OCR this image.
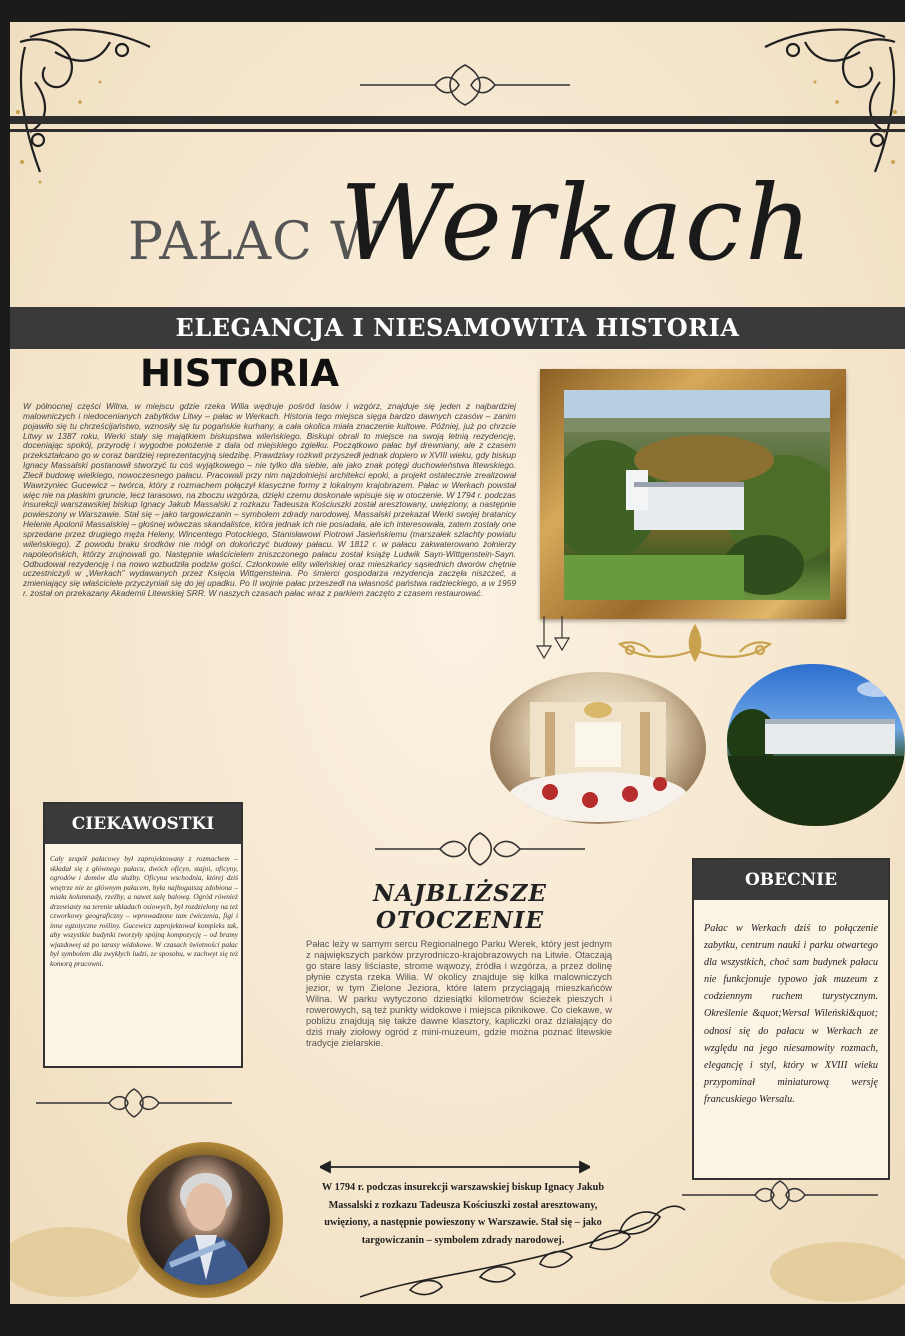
PAŁAC W
Werkach
ELEGANCJA I NIESAMOWITA HISTORIA
HISTORIA
W północnej części Wilna, w miejscu gdzie rzeka Wilia wędruje pośród lasów i wzgórz, znajduje się jeden z najbardziej malowniczych i niedocenianych zabytków Litwy – pałac w Werkach. Historia tego miejsca sięga bardzo dawnych czasów – zanim pojawiło się tu chrześcijaństwo, wznosiły się tu pogańskie kurhany, a cała okolica miała znaczenie kultowe. Później, już po chrzcie Litwy w 1387 roku, Werki stały się majątkiem biskupstwa wileńskiego. Biskupi obrali to miejsce na swoją letnią rezydencję, doceniając spokój, przyrodę i wygodne położenie z dala od miejskiego zgiełku. Początkowo pałac był drewniany, ale z czasem przekształcano go w coraz bardziej reprezentacyjną siedzibę. Prawdziwy rozkwit przyszedł jednak dopiero w XVIII wieku, gdy biskup Ignacy Massalski postanowił stworzyć tu coś wyjątkowego – nie tylko dla siebie, ale jako znak potęgi duchowieństwa litewskiego. Zlecił budowę wielkiego, nowoczesnego pałacu. Pracowali przy nim najzdolniejsi architekci epoki, a projekt ostatecznie zrealizował Wawrzyniec Gucewicz – twórca, który z rozmachem połączył klasyczne formy z lokalnym krajobrazem. Pałac w Werkach powstał więc nie na płaskim gruncie, lecz tarasowo, na zboczu wzgórza, dzięki czemu doskonale wpisuje się w otoczenie. W 1794 r. podczas insurekcji warszawskiej biskup Ignacy Jakub Massalski z rozkazu Tadeusza Kościuszki został aresztowany, uwięziony, a następnie powieszony w Warszawie. Stał się – jako targowiczanin – symbolem zdrady narodowej. Massalski przekazał Werki swojej bratanicy Helenie Apolonii Massalskiej – głośnej wówczas skandalistce, która jednak ich nie posiadała, ale ich interesowała, zatem zostały one sprzedane przez drugiego męża Heleny, Wincentego Potockiego, Stanisławowi Piotrowi Jasieńskiemu (marszałek szlachty powiatu wileńskiego). Z powodu braku środków nie mógł on dokończyć budowy pałacu. W 1812 r. w pałacu zakwaterowano żołnierzy napoleońskich, którzy zrujnowali go. Następnie właścicielem zniszczonego pałacu został książę Ludwik Sayn-Wittgenstein-Sayn. Odbudował rezydencję i na nowo wzbudziła podziw gości. Członkowie elity wileńskiej oraz mieszkańcy sąsiednich dworów chętnie uczestniczyli w „Werkach” wydawanych przez Księcia Wittgensteina. Po śmierci gospodarza rezydencja zaczęła niszczeć, a zmieniający się właściciele przyczyniali się do jej upadku. Po II wojnie pałac przeszedł na własność państwa radzieckiego, a w 1959 r. został on przekazany Akademii Litewskiej SRR. W naszych czasach pałac wraz z parkiem zaczęto z czasem restaurować.
CIEKAWOSTKI
Cały zespół pałacowy był zaprojektowany z rozmachem – składał się z głównego pałacu, dwóch oficyn, stajni, oficyny, ogrodów i domów dla służby. Oficyna wschodnia, której dziś wnętrze nie ze głównym pałacem, była najbogatszą zdobiona – miała kolumnady, rzeźby, a nawet salę balową. Ogród również drzewiasty na terenie układach osiowych, był rozdzielony na też czworkowy geograficzny – wprowadzone tam ćwiczenia, figi i inne egzotyczne rośliny. Gucewicz zaprojektował kompleks tak, aby wszystkie budynki tworzyły spójną kompozycję – od bramy wjazdowej aż po tarasy widokowe. W czasach świetności pałac był symbolem dla zwykłych ludzi, ze sposobu, w zachwyt się też komorą pracowni.
NAJBLIŻSZE OTOCZENIE
Pałac leży w samym sercu Regionalnego Parku Werek, który jest jednym z największych parków przyrodniczo-krajobrazowych na Litwie. Otaczają go stare lasy liściaste, strome wąwozy, źródła i wzgórza, a przez dolinę płynie czysta rzeka Wilia. W okolicy znajduje się kilka malowniczych jezior, w tym Zielone Jeziora, które latem przyciągają mieszkańców Wilna. W parku wytyczono dziesiątki kilometrów ścieżek pieszych i rowerowych, są też punkty widokowe i miejsca piknikowe. Co ciekawe, w pobliżu znajdują się także dawne klasztory, kapliczki oraz działający do dziś mały ziołowy ogród z mini-muzeum, gdzie można poznać litewskie tradycje zielarskie.
OBECNIE
Pałac w Werkach dziś to połączenie zabytku, centrum nauki i parku otwartego dla wszystkich, choć sam budynek pałacu nie funkcjonuje typowo jak muzeum z codziennym ruchem turystycznym. Określenie &quot;Wersal Wileński&quot; odnosi się do pałacu w Werkach ze względu na jego niesamowity rozmach, elegancję i styl, który w XVIII wieku przypominał miniaturową wersję francuskiego Wersalu.
W 1794 r. podczas insurekcji warszawskiej biskup Ignacy Jakub Massalski z rozkazu Tadeusza Kościuszki został aresztowany, uwięziony, a następnie powieszony w Warszawie. Stał się – jako targowiczanin – symbolem zdrady narodowej.
